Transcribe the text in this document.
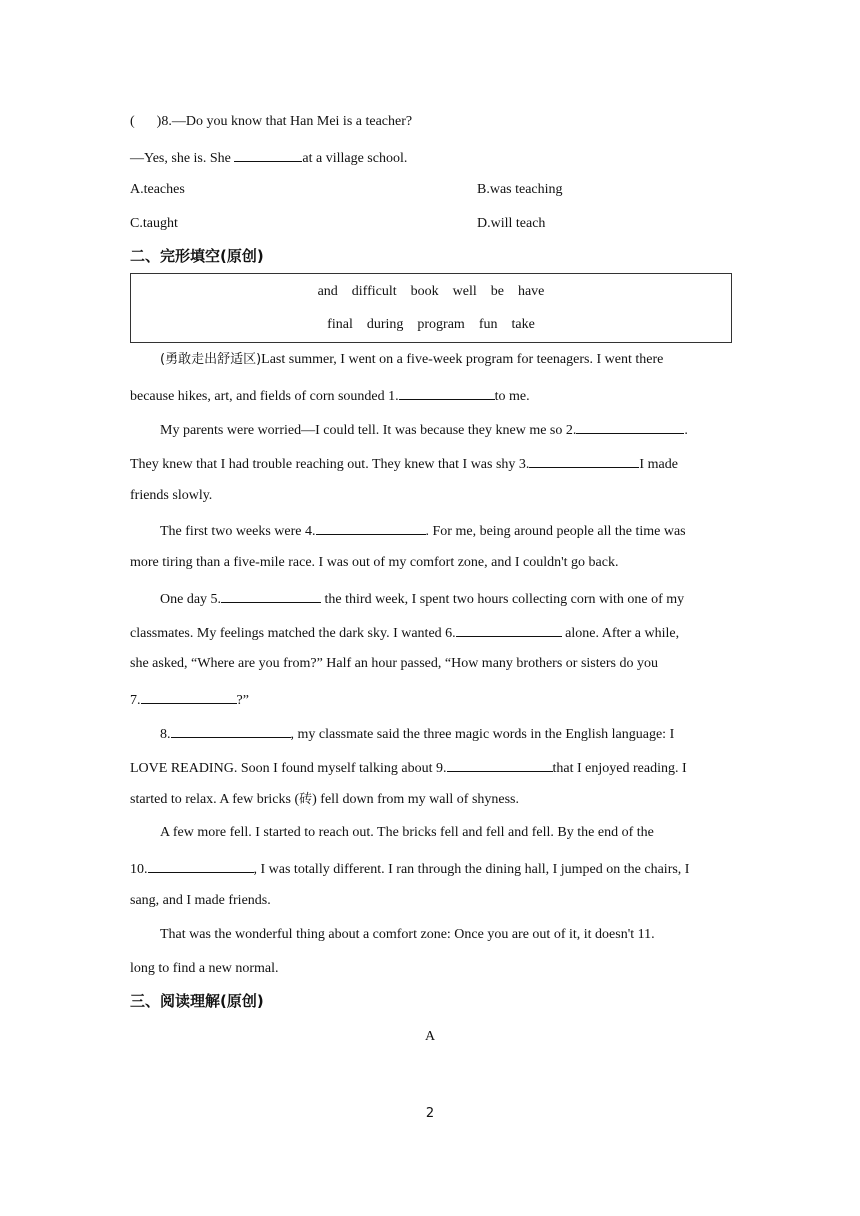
( )8.—Do you know that Han Mei is a teacher?
—Yes, she is. She	at a village school.
A.teaches	B.was teaching
C.taught	D.will teach
二、完形填空(原创)
and difficult book well be have
final during program fun take
(勇敢走出舒适区)Last summer, I went on a five-week program for teenagers. I went there
because hikes, art, and fields of corn sounded 1.	to me.
My parents were worried—I could tell. It was because they knew me so 2.	.
They knew that I had trouble reaching out. They knew that I was shy 3.	I made
friends slowly.
The first two weeks were 4.	. For me, being around people all the time was
more tiring than a five-mile race. I was out of my comfort zone, and I couldn't go back.
One day 5.	the third week, I spent two hours collecting corn with one of my
classmates. My feelings matched the dark sky. I wanted 6.	alone. After a while,
she asked, “Where are you from?” Half an hour passed, “How many brothers or sisters do you
7.	?”
8.	, my classmate said the three magic words in the English language: I
LOVE READING. Soon I found myself talking about 9.	that I enjoyed reading. I
started to relax. A few bricks (砖) fell down from my wall of shyness.
A few more fell. I started to reach out. The bricks fell and fell and fell. By the end of the
10.	, I was totally different. I ran through the dining hall, I jumped on the chairs, I
sang, and I made friends.
That was the wonderful thing about a comfort zone: Once you are out of it, it doesn't 11.
long to find a new normal.
三、阅读理解(原创)
A
2
